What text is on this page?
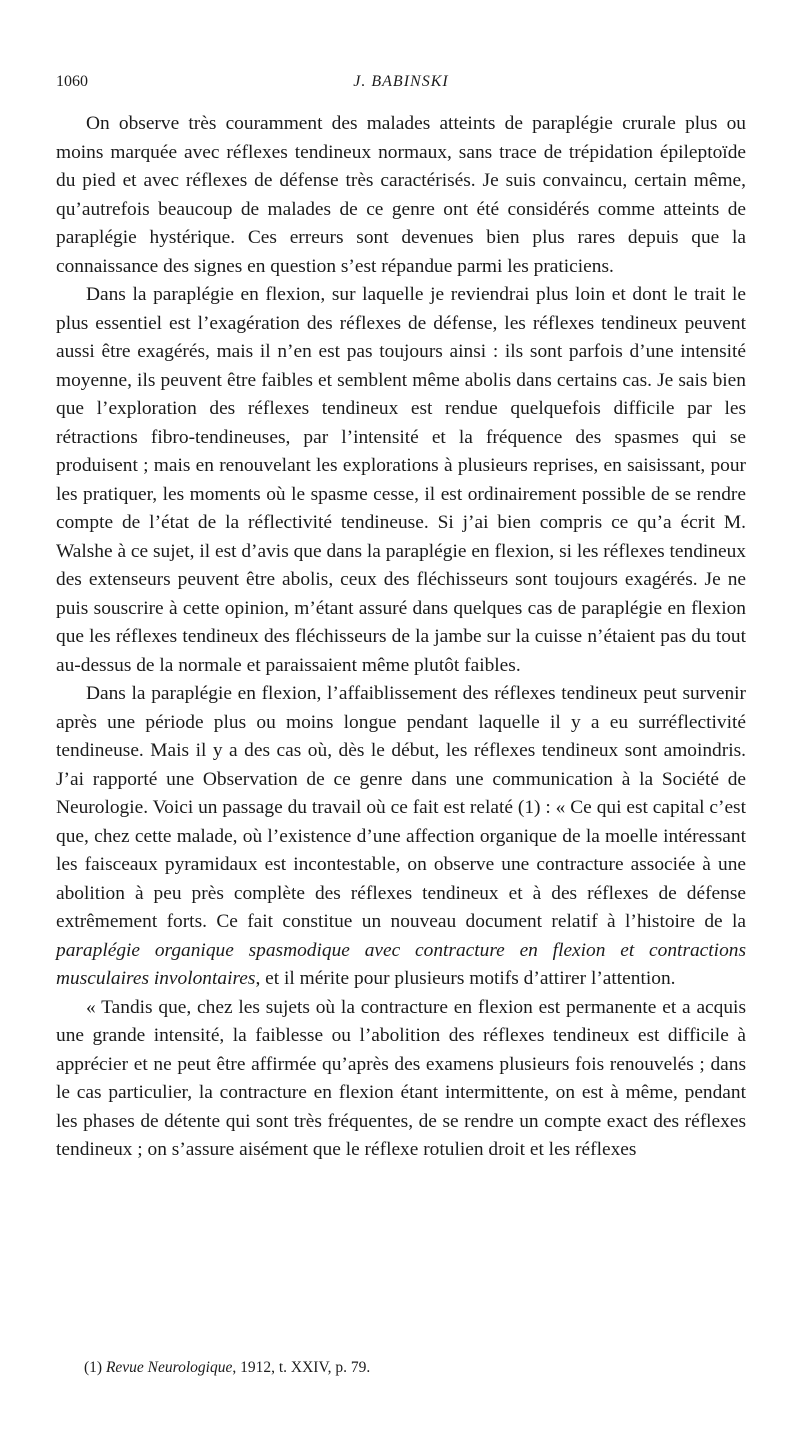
1060	J. BABINSKI

On observe très couramment des malades atteints de paraplégie crurale plus ou moins marquée avec réflexes tendineux normaux, sans trace de trépidation épileptoïde du pied et avec réflexes de défense très caractérisés. Je suis convaincu, certain même, qu’autrefois beaucoup de malades de ce genre ont été considérés comme atteints de paraplégie hystérique. Ces erreurs sont devenues bien plus rares depuis que la connaissance des signes en question s’est répandue parmi les praticiens.

Dans la paraplégie en flexion, sur laquelle je reviendrai plus loin et dont le trait le plus essentiel est l’exagération des réflexes de défense, les réflexes tendineux peuvent aussi être exagérés, mais il n’en est pas toujours ainsi : ils sont parfois d’une intensité moyenne, ils peuvent être faibles et semblent même abolis dans certains cas. Je sais bien que l’exploration des réflexes tendineux est rendue quelquefois difficile par les rétractions fibro-tendineuses, par l’intensité et la fréquence des spasmes qui se produisent ; mais en renouvelant les explorations à plusieurs reprises, en saisissant, pour les pratiquer, les moments où le spasme cesse, il est ordinairement possible de se rendre compte de l’état de la réflectivité tendineuse. Si j’ai bien compris ce qu’a écrit M. Walshe à ce sujet, il est d’avis que dans la paraplégie en flexion, si les réflexes tendineux des extenseurs peuvent être abolis, ceux des fléchisseurs sont toujours exagérés. Je ne puis souscrire à cette opinion, m’étant assuré dans quelques cas de paraplégie en flexion que les réflexes tendineux des fléchisseurs de la jambe sur la cuisse n’étaient pas du tout au-dessus de la normale et paraissaient même plutôt faibles.

Dans la paraplégie en flexion, l’affaiblissement des réflexes tendineux peut survenir après une période plus ou moins longue pendant laquelle il y a eu surréflectivité tendineuse. Mais il y a des cas où, dès le début, les réflexes tendineux sont amoindris. J’ai rapporté une Observation de ce genre dans une communication à la Société de Neurologie. Voici un passage du travail où ce fait est relaté (1) : « Ce qui est capital c’est que, chez cette malade, où l’existence d’une affection organique de la moelle intéressant les faisceaux pyramidaux est incontestable, on observe une contracture associée à une abolition à peu près complète des réflexes tendineux et à des réflexes de défense extrêmement forts. Ce fait constitue un nouveau document relatif à l’histoire de la paraplégie organique spasmodique avec contracture en flexion et contractions musculaires involontaires, et il mérite pour plusieurs motifs d’attirer l’attention.

« Tandis que, chez les sujets où la contracture en flexion est permanente et a acquis une grande intensité, la faiblesse ou l’abolition des réflexes tendineux est difficile à apprécier et ne peut être affirmée qu’après des examens plusieurs fois renouvelés ; dans le cas particulier, la contracture en flexion étant intermittente, on est à même, pendant les phases de détente qui sont très fréquentes, de se rendre un compte exact des réflexes tendineux ; on s’assure aisément que le réflexe rotulien droit et les réflexes

(1) Revue Neurologique, 1912, t. XXIV, p. 79.
